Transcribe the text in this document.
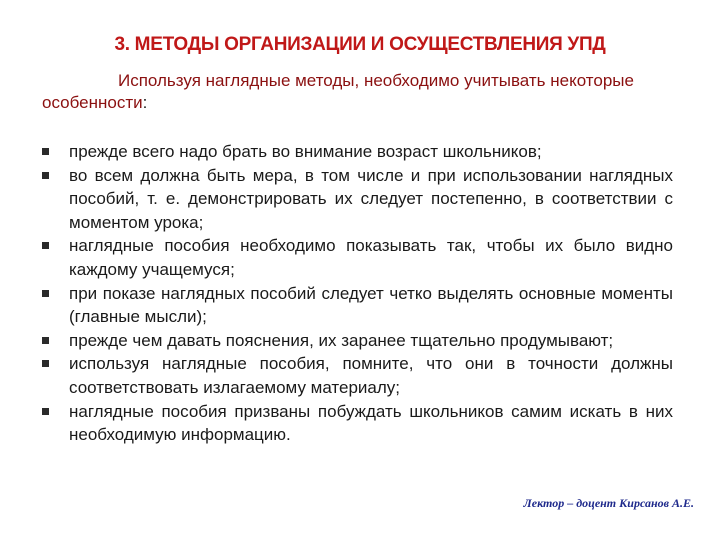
3. МЕТОДЫ ОРГАНИЗАЦИИ И ОСУЩЕСТВЛЕНИЯ УПД
Используя наглядные методы, необходимо учитывать некоторые особенности:
прежде всего надо брать во внимание возраст школьников;
во всем должна быть мера, в том числе и при использовании наглядных пособий, т. е. демонстрировать их следует постепенно, в соответствии с моментом урока;
наглядные пособия необходимо показывать так, чтобы их было видно каждому учащемуся;
при показе наглядных пособий следует четко выделять основные моменты (главные мысли);
прежде чем давать пояснения, их заранее тщательно продумывают;
используя наглядные пособия, помните, что они в точности должны соответствовать излагаемому материалу;
наглядные пособия призваны побуждать школьников самим искать в них необходимую информацию.
Лектор – доцент Кирсанов А.Е.
